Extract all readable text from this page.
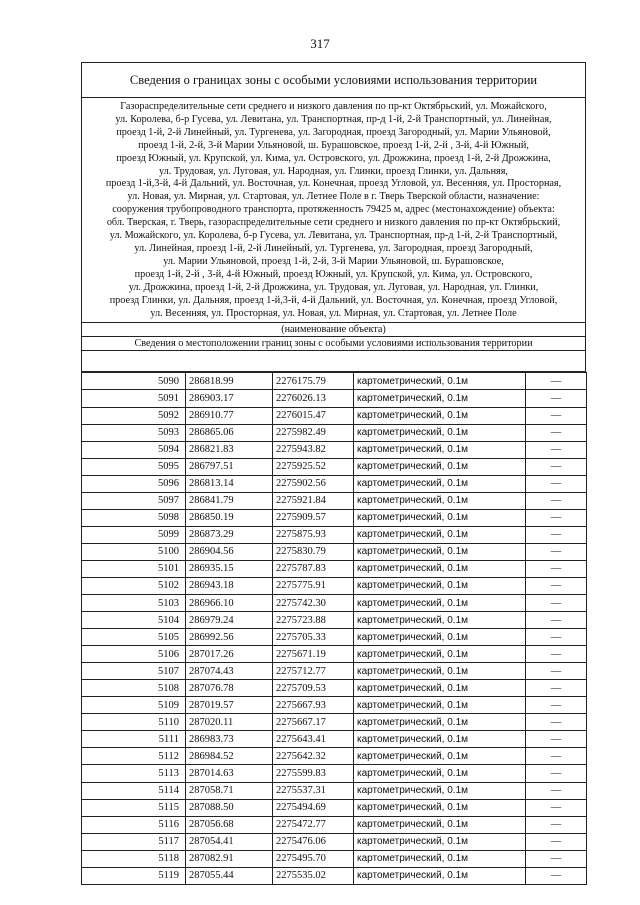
317
Сведения о границах зоны с особыми условиями использования территории
Газораспределительные сети среднего и низкого давления по пр-кт Октябрьский, ул. Можайского,
ул. Королева, б-р Гусева, ул. Левитана, ул. Транспортная, пр-д 1-й, 2-й Транспортный, ул. Линейная,
проезд 1-й, 2-й Линейный, ул. Тургенева, ул. Загородная, проезд Загородный, ул. Марии Ульяновой,
проезд 1-й, 2-й, 3-й Марии Ульяновой, ш. Бурашовское, проезд 1-й, 2-й , 3-й, 4-й Южный,
проезд Южный, ул. Крупской, ул. Кима, ул. Островского, ул. Дрожжина, проезд 1-й, 2-й Дрожжина,
ул. Трудовая, ул. Луговая, ул. Народная, ул. Глинки, проезд Глинки, ул. Дальняя,
проезд 1-й,3-й, 4-й Дальний, ул. Восточная, ул. Конечная, проезд Угловой, ул. Весенняя, ул. Просторная,
ул. Новая, ул. Мирная, ул. Стартовая, ул. Летнее Поле в г. Тверь Тверской области, назначение:
сооружения трубопроводного транспорта, протяженность 79425 м, адрес (местонахождение) объекта:
обл. Тверская, г. Тверь, газораспределительные сети среднего и низкого давления по пр-кт Октябрьский,
ул. Можайского, ул. Королева, б-р Гусева, ул. Левитана, ул. Транспортная, пр-д 1-й, 2-й Транспортный,
ул. Линейная, проезд 1-й, 2-й Линейный, ул. Тургенева, ул. Загородная, проезд Загородный,
ул. Марии Ульяновой, проезд 1-й, 2-й, 3-й Марии Ульяновой, ш. Бурашовское,
проезд 1-й, 2-й , 3-й, 4-й Южный, проезд Южный, ул. Крупской, ул. Кима, ул. Островского,
ул. Дрожжина, проезд 1-й, 2-й Дрожжина, ул. Трудовая, ул. Луговая, ул. Народная, ул. Глинки,
проезд Глинки, ул. Дальняя, проезд 1-й,3-й, 4-й Дальний, ул. Восточная, ул. Конечная, проезд Угловой,
ул. Весенняя, ул. Просторная, ул. Новая, ул. Мирная, ул. Стартовая, ул. Летнее Поле
(наименование объекта)
Сведения о местоположении границ зоны с особыми условиями использования территории
5090	286818.99	2276175.79	картометрический, 0.1м	—
5091	286903.17	2276026.13	картометрический, 0.1м	—
5092	286910.77	2276015.47	картометрический, 0.1м	—
5093	286865.06	2275982.49	картометрический, 0.1м	—
5094	286821.83	2275943.82	картометрический, 0.1м	—
5095	286797.51	2275925.52	картометрический, 0.1м	—
5096	286813.14	2275902.56	картометрический, 0.1м	—
5097	286841.79	2275921.84	картометрический, 0.1м	—
5098	286850.19	2275909.57	картометрический, 0.1м	—
5099	286873.29	2275875.93	картометрический, 0.1м	—
5100	286904.56	2275830.79	картометрический, 0.1м	—
5101	286935.15	2275787.83	картометрический, 0.1м	—
5102	286943.18	2275775.91	картометрический, 0.1м	—
5103	286966.10	2275742.30	картометрический, 0.1м	—
5104	286979.24	2275723.88	картометрический, 0.1м	—
5105	286992.56	2275705.33	картометрический, 0.1м	—
5106	287017.26	2275671.19	картометрический, 0.1м	—
5107	287074.43	2275712.77	картометрический, 0.1м	—
5108	287076.78	2275709.53	картометрический, 0.1м	—
5109	287019.57	2275667.93	картометрический, 0.1м	—
5110	287020.11	2275667.17	картометрический, 0.1м	—
5111	286983.73	2275643.41	картометрический, 0.1м	—
5112	286984.52	2275642.32	картометрический, 0.1м	—
5113	287014.63	2275599.83	картометрический, 0.1м	—
5114	287058.71	2275537.31	картометрический, 0.1м	—
5115	287088.50	2275494.69	картометрический, 0.1м	—
5116	287056.68	2275472.77	картометрический, 0.1м	—
5117	287054.41	2275476.06	картометрический, 0.1м	—
5118	287082.91	2275495.70	картометрический, 0.1м	—
5119	287055.44	2275535.02	картометрический, 0.1м	—
